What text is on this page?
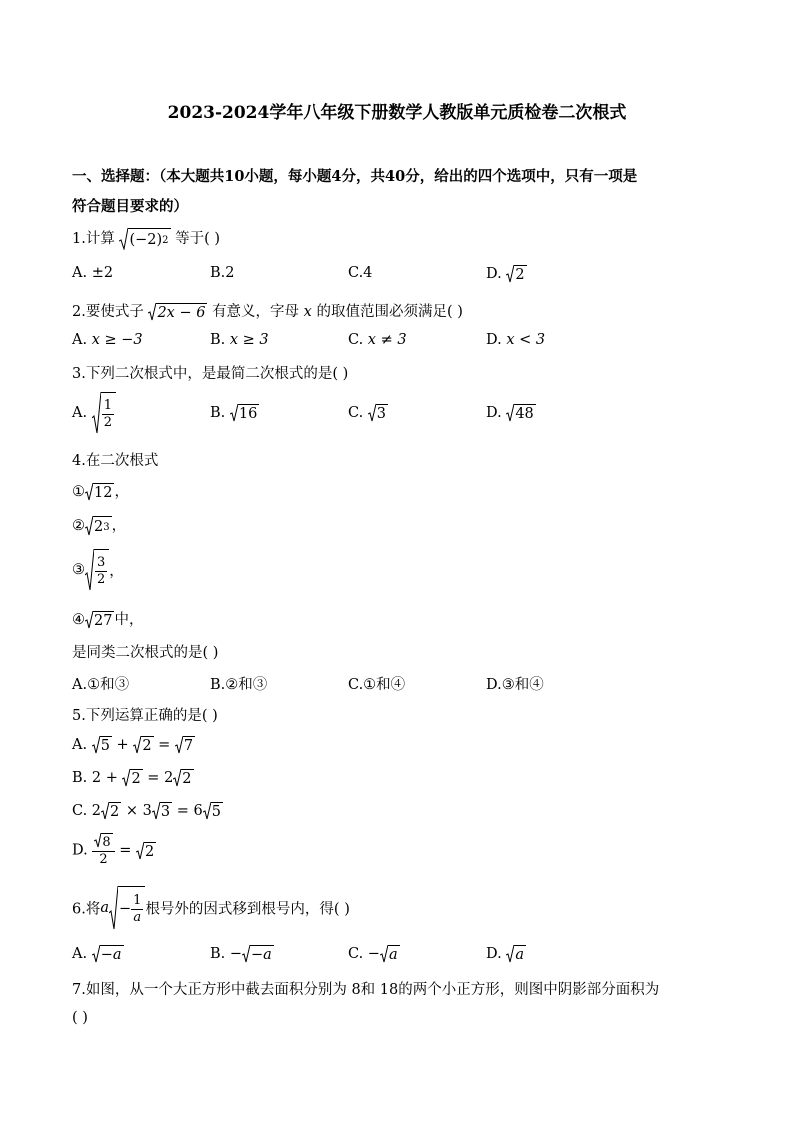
2023-2024学年八年级下册数学人教版单元质检卷二次根式
一、选择题：（本大题共10小题，每小题4分，共40分，给出的四个选项中，只有一项是
符合题目要求的）
1.计算 (−2) 2 等于( )
A. ±2	B.2	C.4	D. 2
2.要使式子 2x − 6 有意义，字母 x 的取值范围必须满足( )
A. x ≥ −3	B. x ≥ 3	C. x ≠ 3	D. x < 3
3.下列二次根式中，是最简二次根式的是( )
A. $\frac{1}{2}$	B. 16	C. 3	D. 48
4.在二次根式
① 12 ，
② 2 3 ，
③ $\frac{3}{2}$ ，
④ 27 中，
是同类二次根式的是( )
A.①和③	B.②和③	C.①和④	D.③和④
5.下列运算正确的是( )
A. 5 + 2 = 7
B. 2 + 2 = 2 2
C. 2 2 × 3 3 = 6 5
D. $\frac{8}{2} = 2$
6.将$a - \frac{1}{a}$ 根号外的因式移到根号内，得( )
A. −a	B. − −a	C. − a	D. a
7.如图，从一个大正方形中截去面积分别为 8和 18的两个小正方形，则图中阴影部分面积为
( )
